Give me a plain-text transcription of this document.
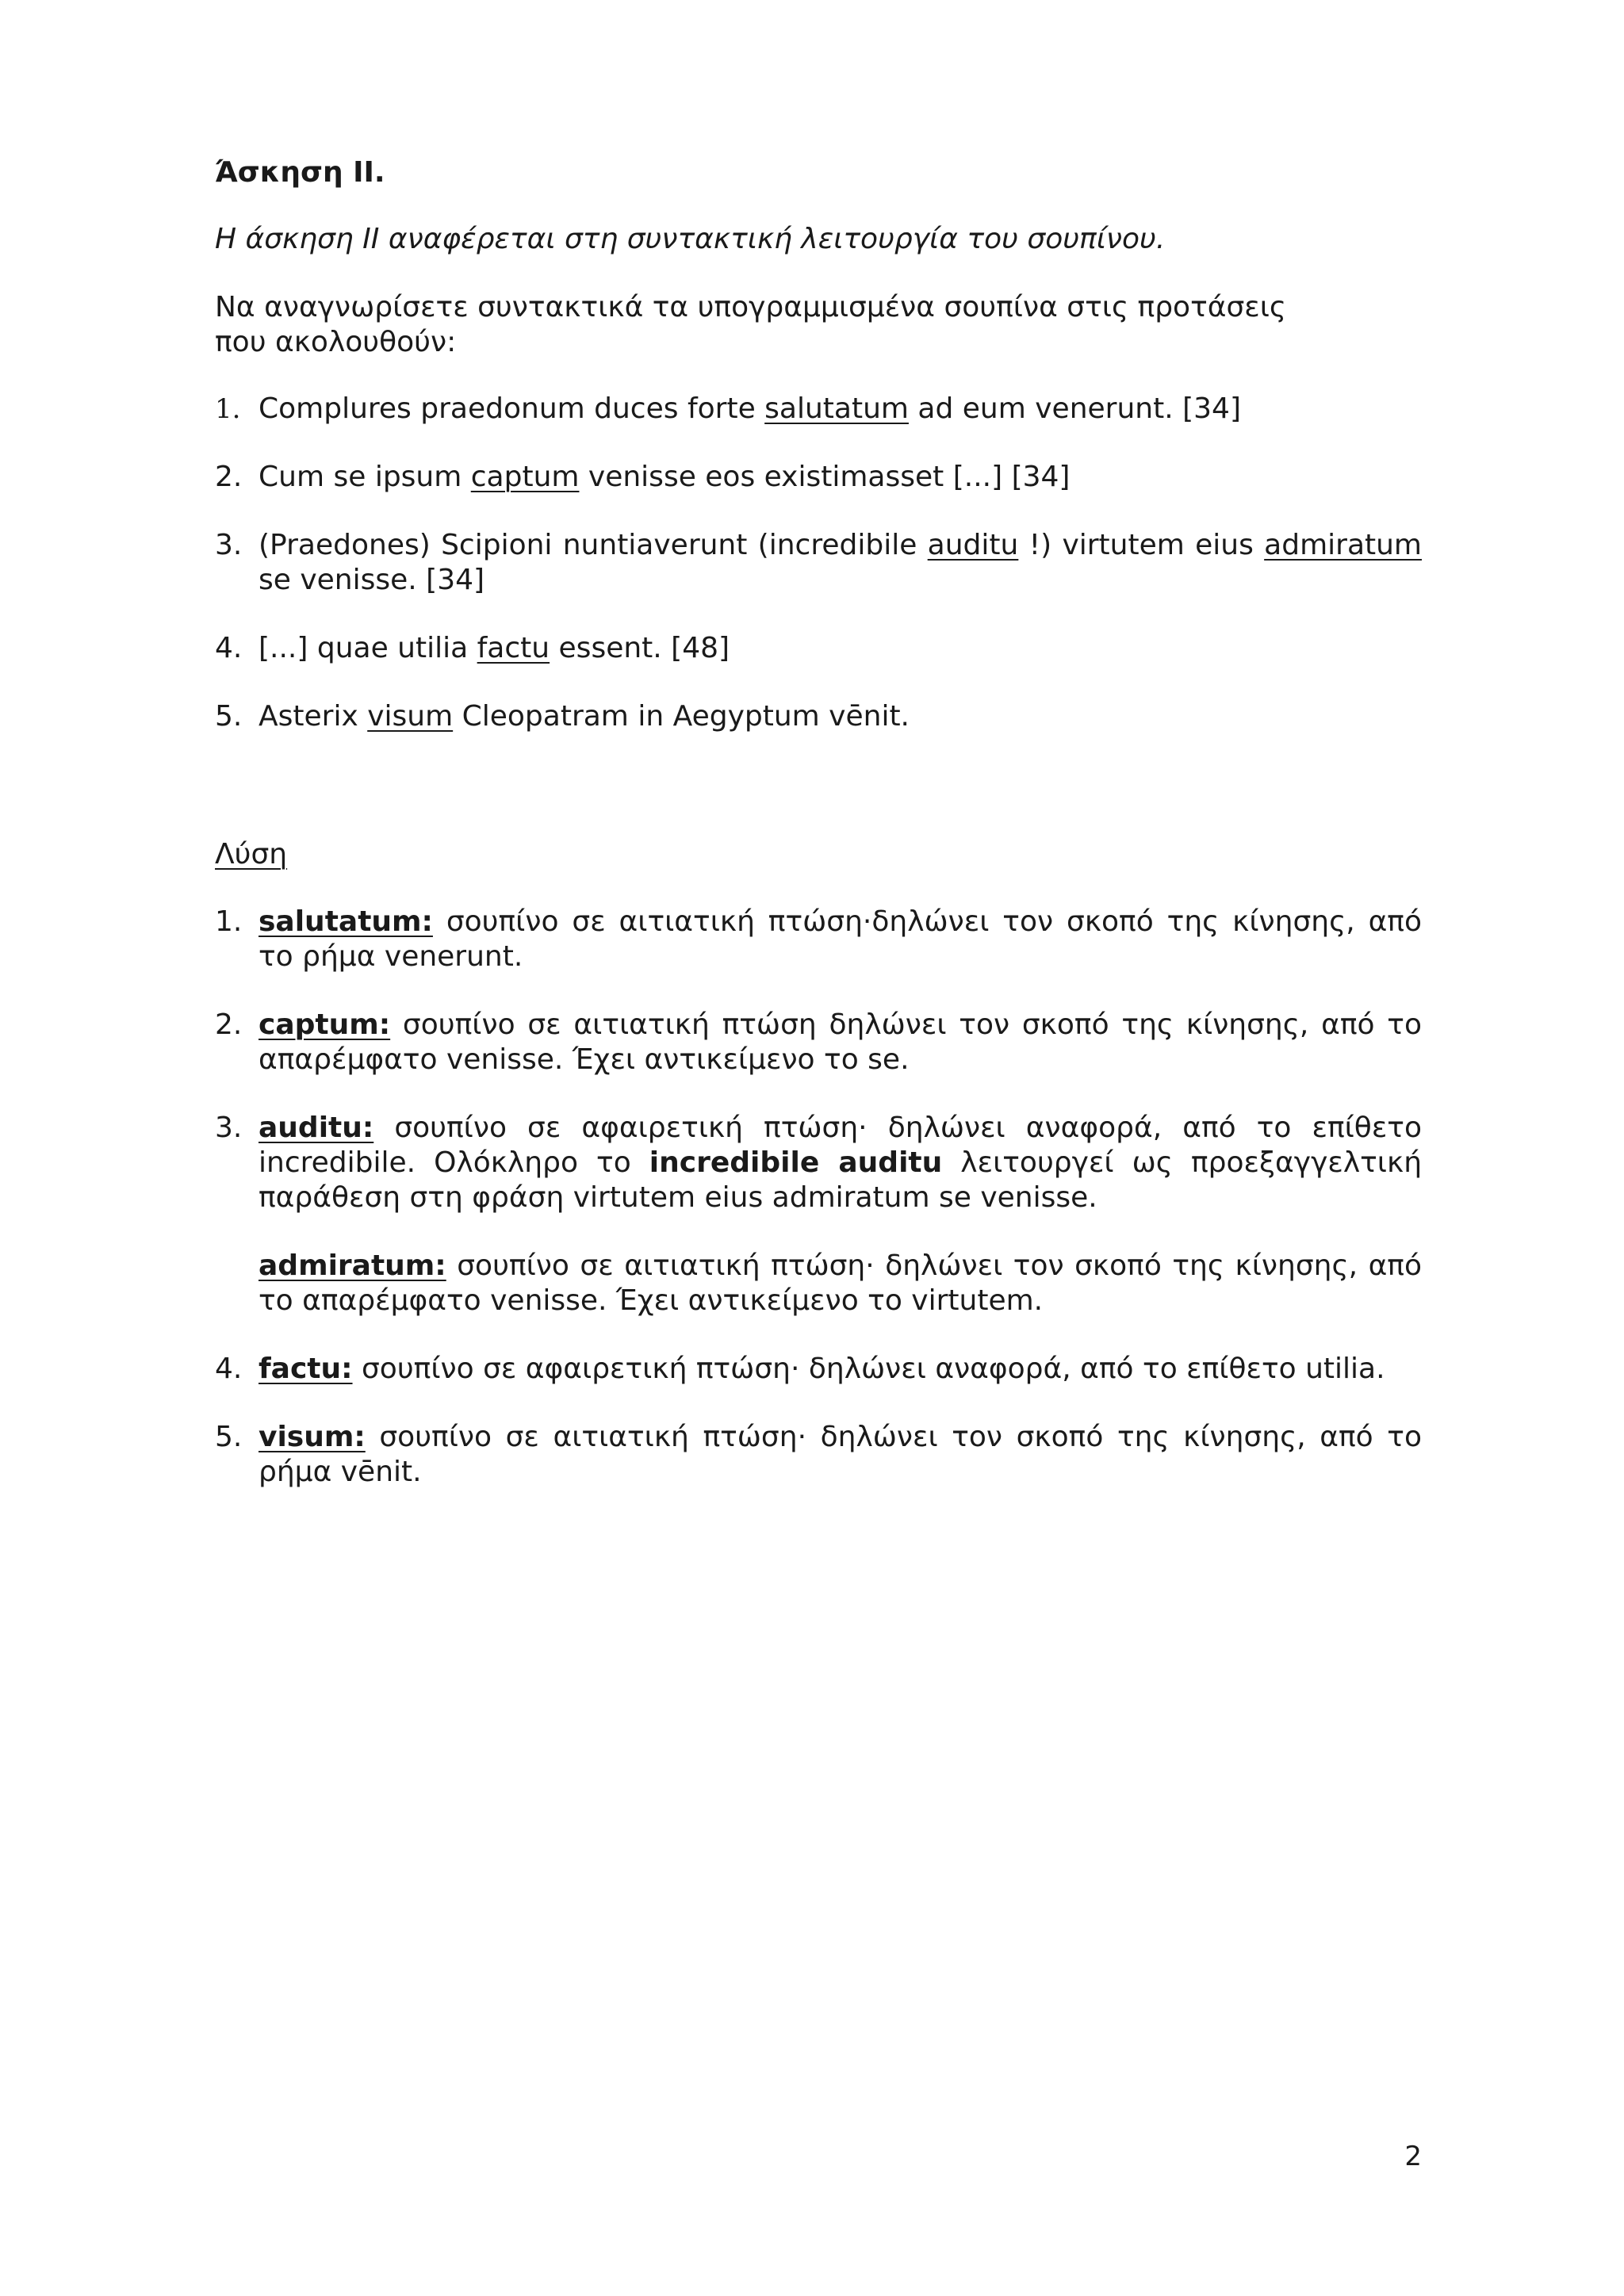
Άσκηση II.

Η άσκηση ΙΙ αναφέρεται στη συντακτική λειτουργία του σουπίνου.

Να αναγνωρίσετε συντακτικά τα υπογραμμισμένα σουπίνα στις προτάσεις που ακολουθούν:

1. Complures praedonum duces forte salutatum ad eum venerunt. [34]
2. Cum se ipsum captum venisse eos existimasset [...] [34]
3. (Praedones) Scipioni nuntiaverunt (incredibile auditu !) virtutem eius admiratum se venisse. [34]
4. [...] quae utilia factu essent. [48]
5. Asterix visum Cleopatram in Aegyptum vēnit.

Λύση

1. salutatum: σουπίνο σε αιτιατική πτώση·δηλώνει τον σκοπό της κίνησης, από το ρήμα venerunt.
2. captum: σουπίνο σε αιτιατική πτώση δηλώνει τον σκοπό της κίνησης, από το απαρέμφατο venisse. Έχει αντικείμενο το se.
3. auditu: σουπίνο σε αφαιρετική πτώση· δηλώνει αναφορά, από το επίθετο incredibile. Ολόκληρο το incredibile auditu λειτουργεί ως προεξαγγελτική παράθεση στη φράση virtutem eius admiratum se venisse.
admiratum: σουπίνο σε αιτιατική πτώση· δηλώνει τον σκοπό της κίνησης, από το απαρέμφατο venisse. Έχει αντικείμενο το virtutem.
4. factu: σουπίνο σε αφαιρετική πτώση· δηλώνει αναφορά, από το επίθετο utilia.
5. visum: σουπίνο σε αιτιατική πτώση· δηλώνει τον σκοπό της κίνησης, από το ρήμα vēnit.

2
